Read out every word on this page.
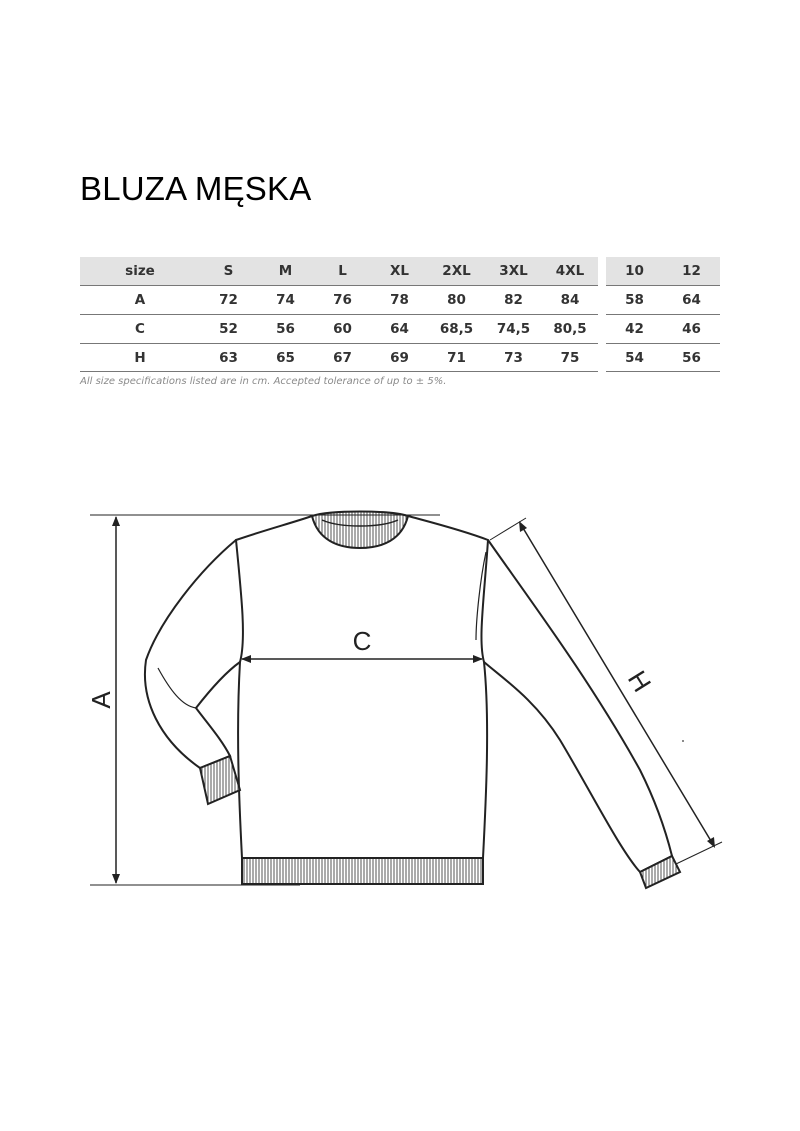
BLUZA MĘSKA
size	S	M	L	XL	2XL	3XL	4XL	10	12
A	72	74	76	78	80	82	84	58	64
C	52	56	60	64	68,5	74,5	80,5	42	46
H	63	65	67	69	71	73	75	54	56
All size specifications listed are in cm. Accepted tolerance of up to ± 5%.
A
C
H
